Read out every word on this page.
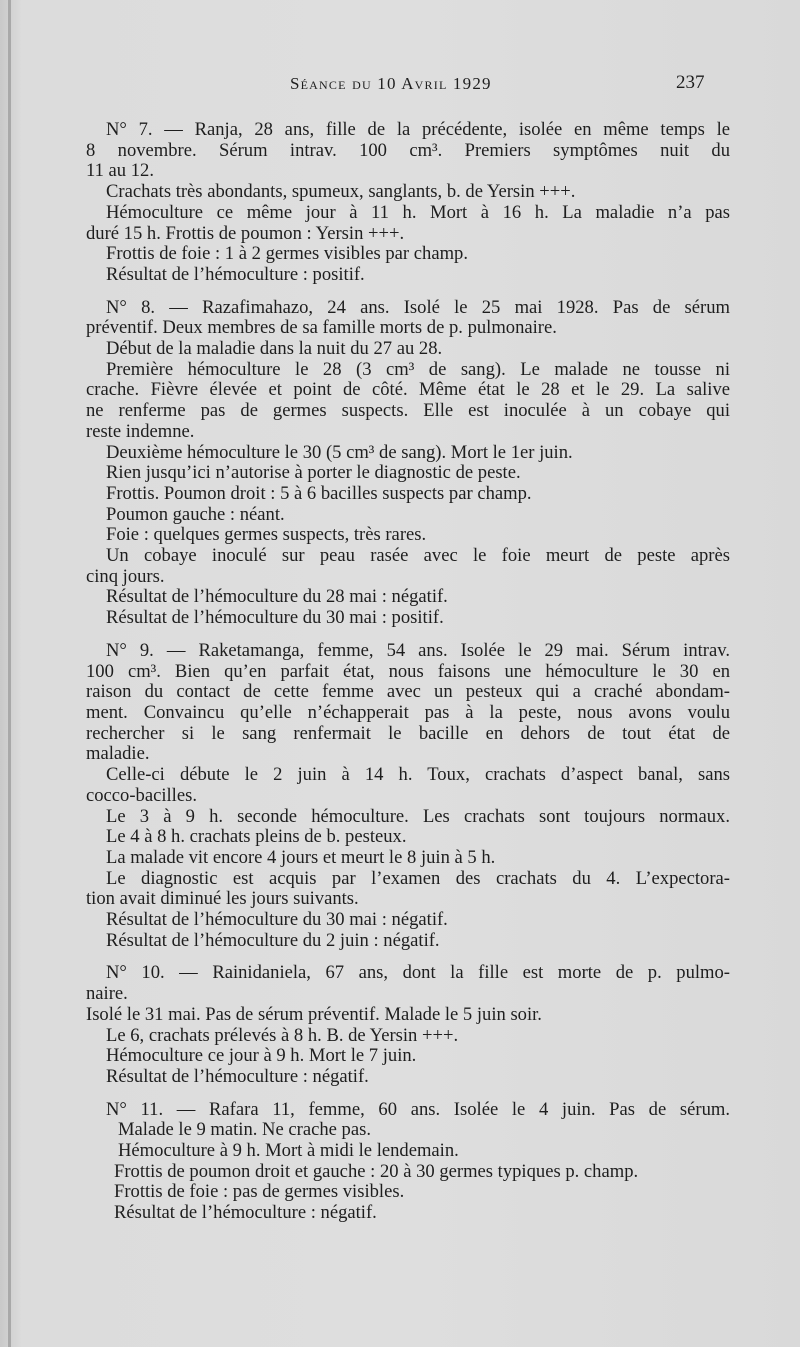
Séance du 10 Avril 1929	237
N° 7. — Ranja, 28 ans, fille de la précédente, isolée en même temps le
8 novembre. Sérum intrav. 100 cm³. Premiers symptômes nuit du
11 au 12.
Crachats très abondants, spumeux, sanglants, b. de Yersin +++.
Hémoculture ce même jour à 11 h. Mort à 16 h. La maladie n’a pas
duré 15 h. Frottis de poumon : Yersin +++.
Frottis de foie : 1 à 2 germes visibles par champ.
Résultat de l’hémoculture : positif.
N° 8. — Razafimahazo, 24 ans. Isolé le 25 mai 1928. Pas de sérum
préventif. Deux membres de sa famille morts de p. pulmonaire.
Début de la maladie dans la nuit du 27 au 28.
Première hémoculture le 28 (3 cm³ de sang). Le malade ne tousse ni
crache. Fièvre élevée et point de côté. Même état le 28 et le 29. La salive
ne renferme pas de germes suspects. Elle est inoculée à un cobaye qui
reste indemne.
Deuxième hémoculture le 30 (5 cm³ de sang). Mort le 1er juin.
Rien jusqu’ici n’autorise à porter le diagnostic de peste.
Frottis. Poumon droit : 5 à 6 bacilles suspects par champ.
Poumon gauche : néant.
Foie : quelques germes suspects, très rares.
Un cobaye inoculé sur peau rasée avec le foie meurt de peste après
cinq jours.
Résultat de l’hémoculture du 28 mai : négatif.
Résultat de l’hémoculture du 30 mai : positif.
N° 9. — Raketamanga, femme, 54 ans. Isolée le 29 mai. Sérum intrav.
100 cm³. Bien qu’en parfait état, nous faisons une hémoculture le 30 en
raison du contact de cette femme avec un pesteux qui a craché abondam-
ment. Convaincu qu’elle n’échapperait pas à la peste, nous avons voulu
rechercher si le sang renfermait le bacille en dehors de tout état de
maladie.
Celle-ci débute le 2 juin à 14 h. Toux, crachats d’aspect banal, sans
cocco-bacilles.
Le 3 à 9 h. seconde hémoculture. Les crachats sont toujours normaux.
Le 4 à 8 h. crachats pleins de b. pesteux.
La malade vit encore 4 jours et meurt le 8 juin à 5 h.
Le diagnostic est acquis par l’examen des crachats du 4. L’expectora-
tion avait diminué les jours suivants.
Résultat de l’hémoculture du 30 mai : négatif.
Résultat de l’hémoculture du 2 juin : négatif.
N° 10. — Rainidaniela, 67 ans, dont la fille est morte de p. pulmo-
naire.
Isolé le 31 mai. Pas de sérum préventif. Malade le 5 juin soir.
Le 6, crachats prélevés à 8 h. B. de Yersin +++.
Hémoculture ce jour à 9 h. Mort le 7 juin.
Résultat de l’hémoculture : négatif.
N° 11. — Rafara 11, femme, 60 ans. Isolée le 4 juin. Pas de sérum.
Malade le 9 matin. Ne crache pas.
Hémoculture à 9 h. Mort à midi le lendemain.
Frottis de poumon droit et gauche : 20 à 30 germes typiques p. champ.
Frottis de foie : pas de germes visibles.
Résultat de l’hémoculture : négatif.
